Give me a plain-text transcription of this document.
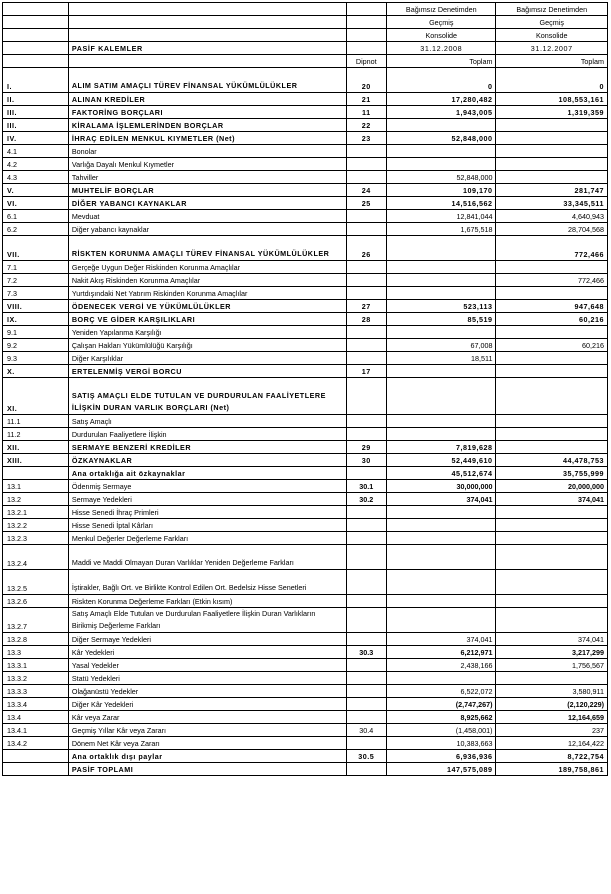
			Bağımsız Denetimden	Bağımsız Denetimden
			Geçmiş	Geçmiş
			Konsolide	Konsolide
	PASİF KALEMLER		31.12.2008	31.12.2007
		Dipnot	Toplam	Toplam
I.	ALIM SATIM AMAÇLI TÜREV FİNANSAL YÜKÜMLÜLÜKLER	20	0	0
II.	ALINAN KREDİLER	21	17,280,482	108,553,161
III.	FAKTORİNG BORÇLARI	11	1,943,005	1,319,359
III.	KİRALAMA İŞLEMLERİNDEN BORÇLAR	22		
IV.	İHRAÇ EDİLEN MENKUL KIYMETLER (Net)	23	52,848,000	
4.1	Bonolar			
4.2	Varlığa Dayalı Menkul Kıymetler			
4.3	Tahviller		52,848,000	
V.	MUHTELİF BORÇLAR	24	109,170	281,747
VI.	DİĞER YABANCI KAYNAKLAR	25	14,516,562	33,345,511
6.1	Mevduat		12,841,044	4,640,943
6.2	Diğer yabancı kaynaklar		1,675,518	28,704,568
VII.	RİSKTEN KORUNMA AMAÇLI TÜREV FİNANSAL YÜKÜMLÜLÜKLER	26		772,466
7.1	Gerçeğe Uygun Değer Riskinden Korunma Amaçlılar			
7.2	Nakit Akış Riskinden Korunma Amaçlılar			772,466
7.3	Yurtdışındaki Net Yatırım Riskinden Korunma Amaçlılar			
VIII.	ÖDENECEK VERGİ VE YÜKÜMLÜLÜKLER	27	523,113	947,648
IX.	BORÇ VE GİDER KARŞILIKLARI	28	85,519	60,216
9.1	Yeniden Yapılanma Karşılığı			
9.2	Çalışan Hakları Yükümlülüğü Karşılığı		67,008	60,216
9.3	Diğer Karşılıklar		18,511	
X.	ERTELENMİŞ VERGİ BORCU	17		
XI.	SATIŞ AMAÇLI ELDE TUTULAN VE DURDURULAN FAALİYETLERE İLİŞKİN DURAN VARLIK BORÇLARI (Net)			
11.1	Satış Amaçlı			
11.2	Durdurulan Faaliyetlere İlişkin			
XII.	SERMAYE BENZERİ KREDİLER	29	7,819,628	
XIII.	ÖZKAYNAKLAR	30	52,449,610	44,478,753
	Ana ortaklığa ait özkaynaklar		45,512,674	35,755,999
13.1	Ödenmiş Sermaye	30.1	30,000,000	20,000,000
13.2	Sermaye Yedekleri	30.2	374,041	374,041
13.2.1	Hisse Senedi İhraç Primleri			
13.2.2	Hisse Senedi İptal Kârları			
13.2.3	Menkul Değerler Değerleme Farkları			
13.2.4	Maddi ve Maddi Olmayan Duran Varlıklar Yeniden Değerleme Farkları			
13.2.5	İştirakler, Bağlı Ort. ve Birlikte Kontrol Edilen Ort. Bedelsiz Hisse Senetleri			
13.2.6	Riskten Korunma Değerleme Farkları (Etkin kısım)			
13.2.7	Satış Amaçlı Elde Tutulan ve Durdurulan Faaliyetlere İlişkin Duran Varlıkların Birikmiş Değerleme Farkları			
13.2.8	Diğer Sermaye Yedekleri		374,041	374,041
13.3	Kâr Yedekleri	30.3	6,212,971	3,217,299
13.3.1	Yasal Yedekler		2,438,166	1,756,567
13.3.2	Statü Yedekleri			
13.3.3	Olağanüstü Yedekler		6,522,072	3,580,911
13.3.4	Diğer Kâr Yedekleri		(2,747,267)	(2,120,229)
13.4	Kâr veya Zarar		8,925,662	12,164,659
13.4.1	Geçmiş Yıllar Kâr veya Zararı	30.4	(1,458,001)	237
13.4.2	Dönem Net Kâr veya Zararı		10,383,663	12,164,422
	Ana ortaklık dışı paylar	30.5	6,936,936	8,722,754
	PASİF TOPLAMI		147,575,089	189,758,861
